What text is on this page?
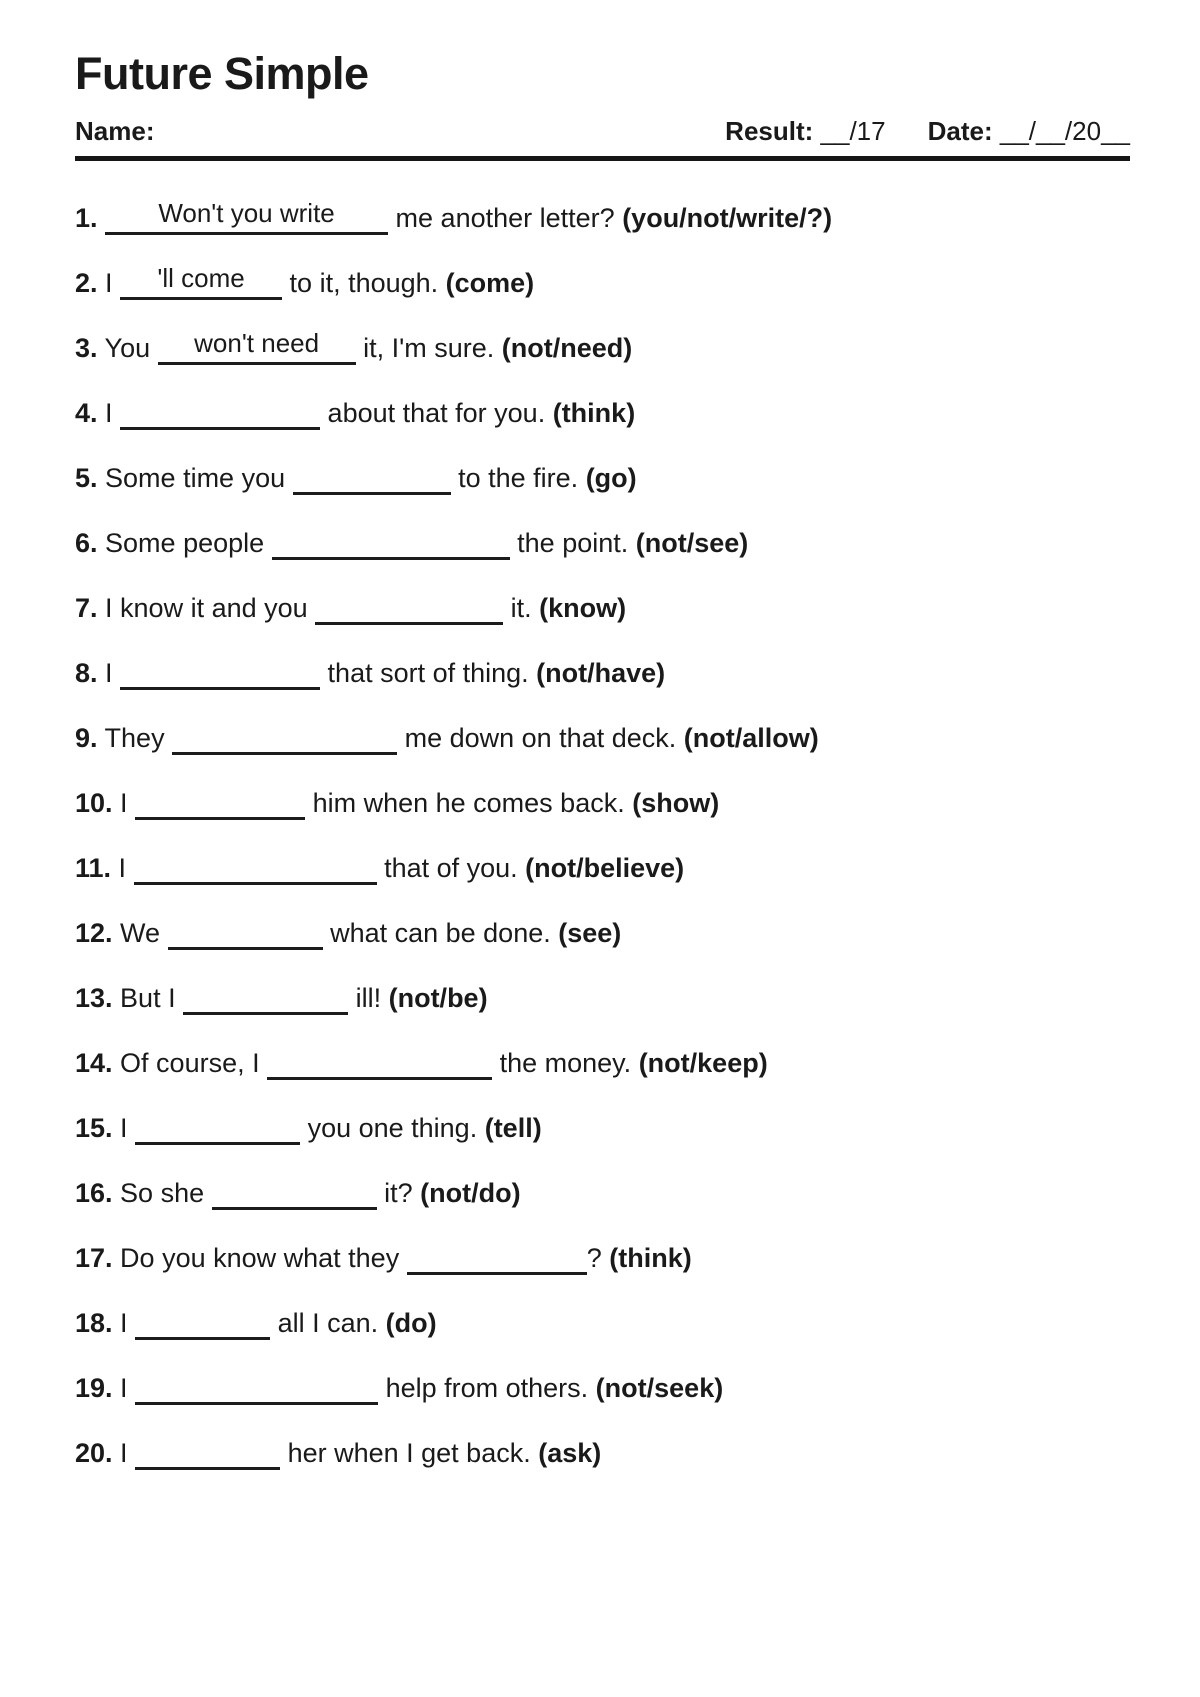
Future Simple
Name:	Result: __/17 Date: __/__/20__
1.	Won't you write	me another letter? (you/not/write/?)
2. I	'll come	to it, though. (come)
3. You	won't need	it, I'm sure. (not/need)
4. I	about that for you. (think)
5. Some time you	to the fire. (go)
6. Some people	the point. (not/see)
7. I know it and you	it. (know)
8. I	that sort of thing. (not/have)
9. They	me down on that deck. (not/allow)
10. I	him when he comes back. (show)
11. I	that of you. (not/believe)
12. We	what can be done. (see)
13. But I	ill! (not/be)
14. Of course, I	the money. (not/keep)
15. I	you one thing. (tell)
16. So she	it? (not/do)
17. Do you know what they	? (think)
18. I	all I can. (do)
19. I	help from others. (not/seek)
20. I	her when I get back. (ask)
